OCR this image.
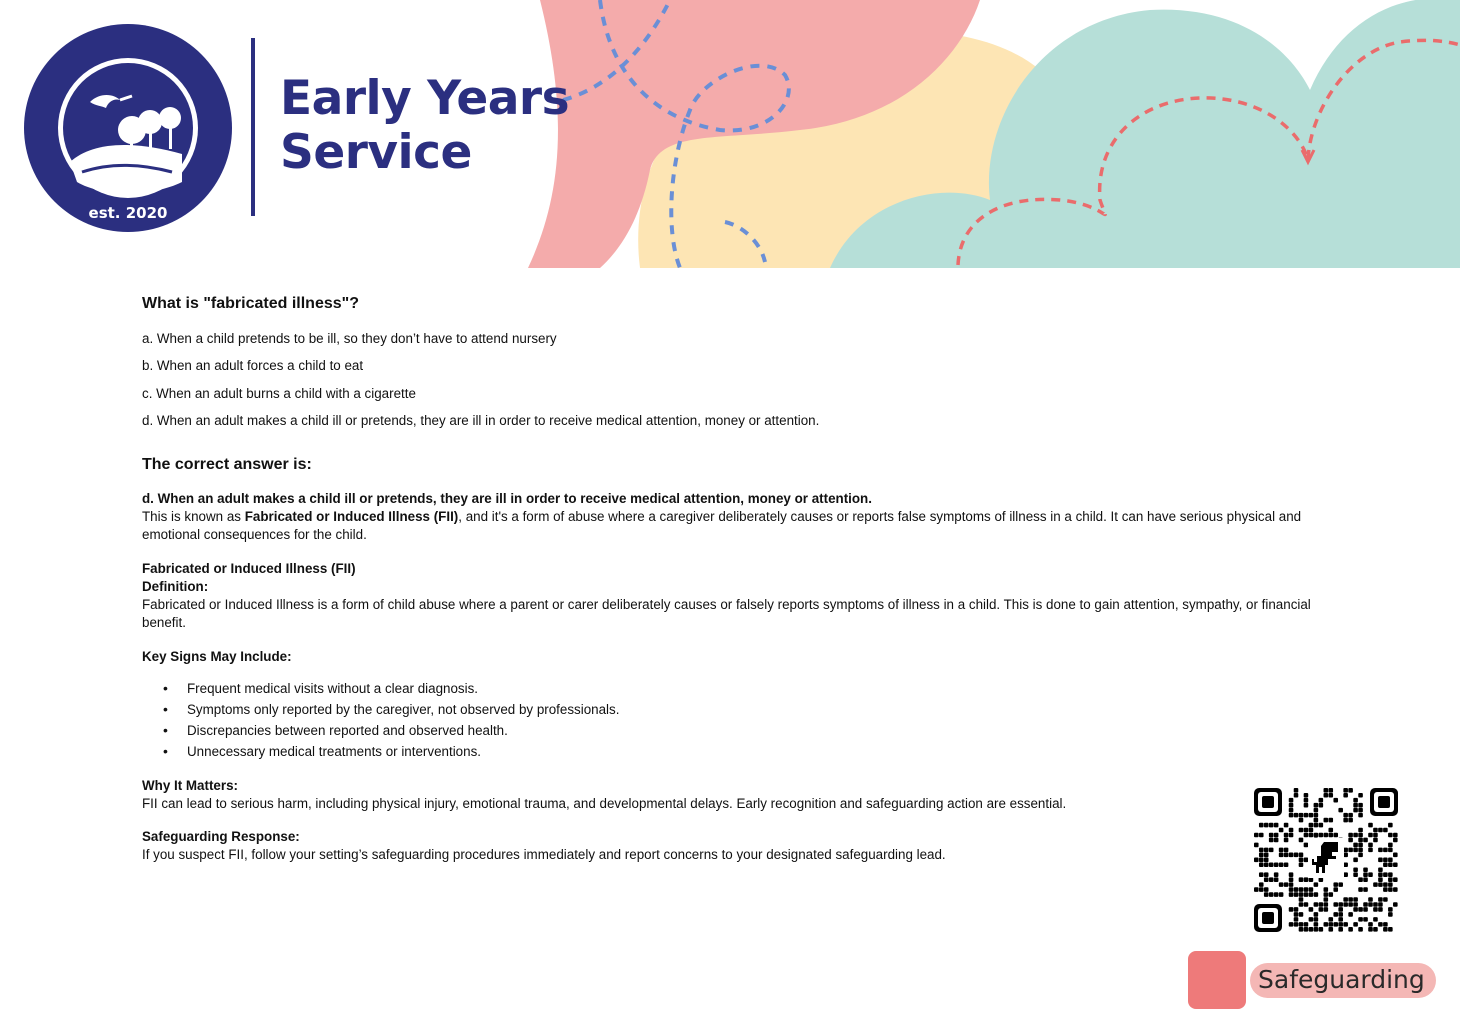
BUCKINGHAMSHIRE COUNCIL
est. 2020
Early Years
Service
What is "fabricated illness"?

a. When a child pretends to be ill, so they don’t have to attend nursery

b. When an adult forces a child to eat

c. When an adult burns a child with a cigarette

d. When an adult makes a child ill or pretends, they are ill in order to receive medical attention, money or attention.

The correct answer is:

d. When an adult makes a child ill or pretends, they are ill in order to receive medical attention, money or attention.

This is known as Fabricated or Induced Illness (FII), and it's a form of abuse where a caregiver deliberately causes or reports false symptoms of illness in a child. It can have serious physical and emotional consequences for the child.

Fabricated or Induced Illness (FII)

Definition:

Fabricated or Induced Illness is a form of child abuse where a parent or carer deliberately causes or falsely reports symptoms of illness in a child. This is done to gain attention, sympathy, or financial benefit.

Key Signs May Include:

• Frequent medical visits without a clear diagnosis.
• Symptoms only reported by the caregiver, not observed by professionals.
• Discrepancies between reported and observed health.
• Unnecessary medical treatments or interventions.

Why It Matters:

FII can lead to serious harm, including physical injury, emotional trauma, and developmental delays. Early recognition and safeguarding action are essential.

Safeguarding Response:

If you suspect FII, follow your setting’s safeguarding procedures immediately and report concerns to your designated safeguarding lead.

Safeguarding
